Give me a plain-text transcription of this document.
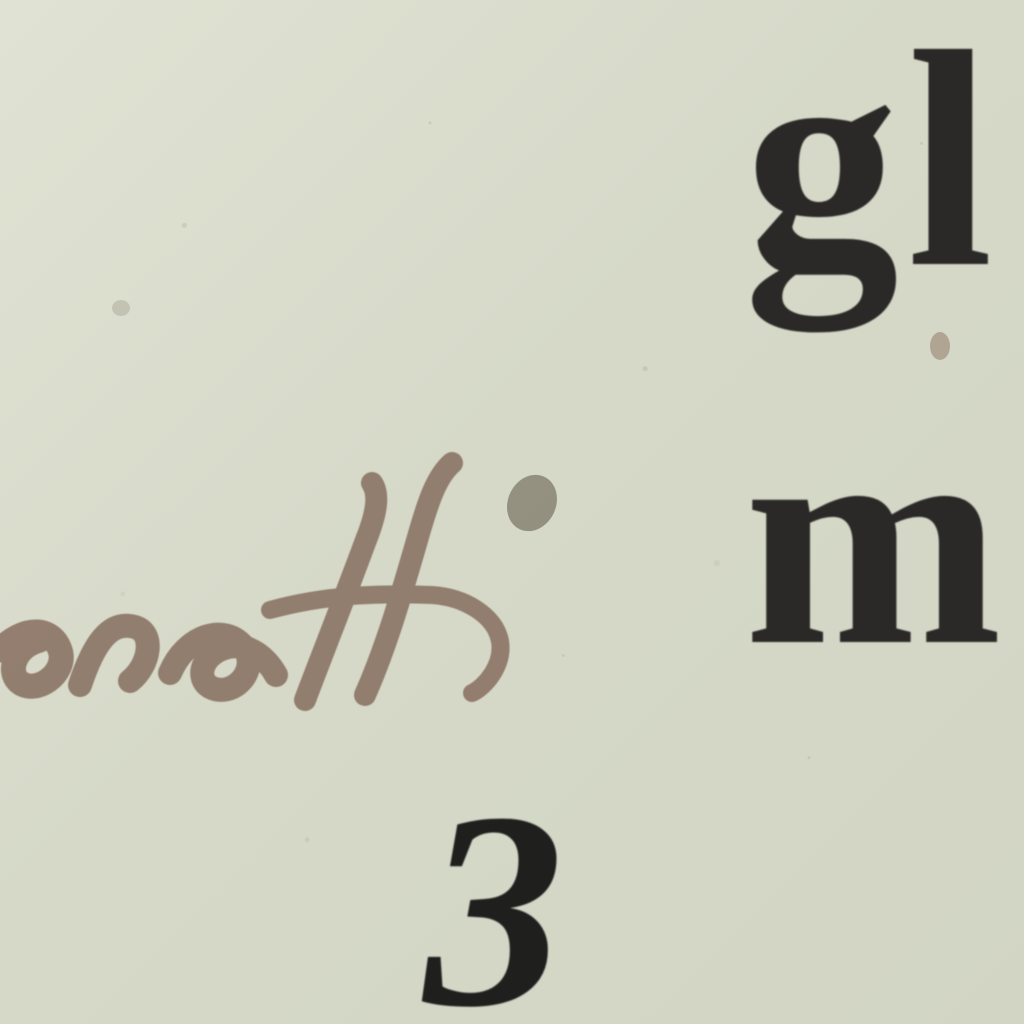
gl
m
3
